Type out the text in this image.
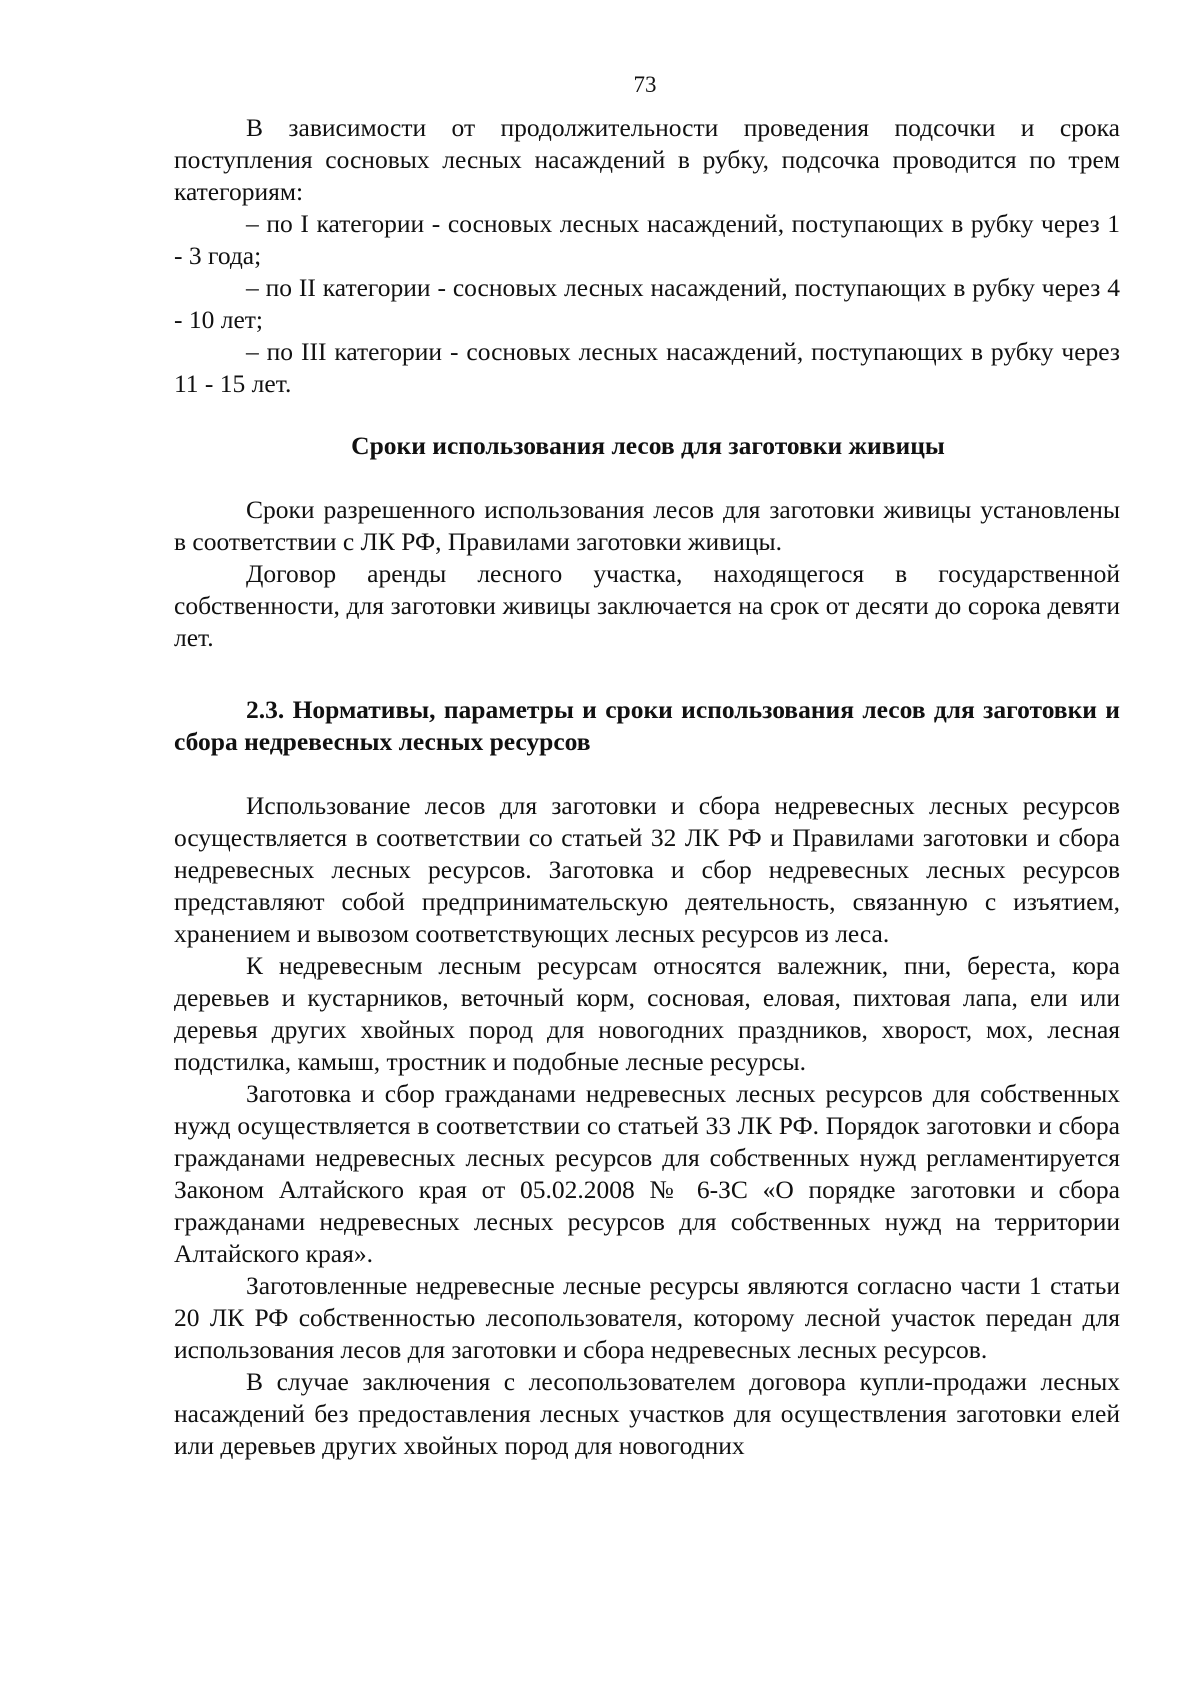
73

В зависимости от продолжительности проведения подсочки и срока поступления сосновых лесных насаждений в рубку, подсочка проводится по трем категориям:

– по I категории - сосновых лесных насаждений, поступающих в рубку через 1 - 3 года;

– по II категории - сосновых лесных насаждений, поступающих в рубку через 4 - 10 лет;

– по III категории - сосновых лесных насаждений, поступающих в рубку через 11 - 15 лет.

Сроки использования лесов для заготовки живицы

Сроки разрешенного использования лесов для заготовки живицы установлены в соответствии с ЛК РФ, Правилами заготовки живицы.

Договор аренды лесного участка, находящегося в государственной собственности, для заготовки живицы заключается на срок от десяти до сорока девяти лет.

2.3. Нормативы, параметры и сроки использования лесов для заготовки и сбора недревесных лесных ресурсов

Использование лесов для заготовки и сбора недревесных лесных ресурсов осуществляется в соответствии со статьей 32 ЛК РФ и Правилами заготовки и сбора недревесных лесных ресурсов. Заготовка и сбор недревесных лесных ресурсов представляют собой предпринимательскую деятельность, связанную с изъятием, хранением и вывозом соответствующих лесных ресурсов из леса.

К недревесным лесным ресурсам относятся валежник, пни, береста, кора деревьев и кустарников, веточный корм, сосновая, еловая, пихтовая лапа, ели или деревья других хвойных пород для новогодних праздников, хворост, мох, лесная подстилка, камыш, тростник и подобные лесные ресурсы.

Заготовка и сбор гражданами недревесных лесных ресурсов для собственных нужд осуществляется в соответствии со статьей 33 ЛК РФ. Порядок заготовки и сбора гражданами недревесных лесных ресурсов для собственных нужд регламентируется Законом Алтайского края от 05.02.2008 № 6-ЗС «О порядке заготовки и сбора гражданами недревесных лесных ресурсов для собственных нужд на территории Алтайского края».

Заготовленные недревесные лесные ресурсы являются согласно части 1 статьи 20 ЛК РФ собственностью лесопользователя, которому лесной участок передан для использования лесов для заготовки и сбора недревесных лесных ресурсов.

В случае заключения с лесопользователем договора купли-продажи лесных насаждений без предоставления лесных участков для осуществления заготовки елей или деревьев других хвойных пород для новогодних
